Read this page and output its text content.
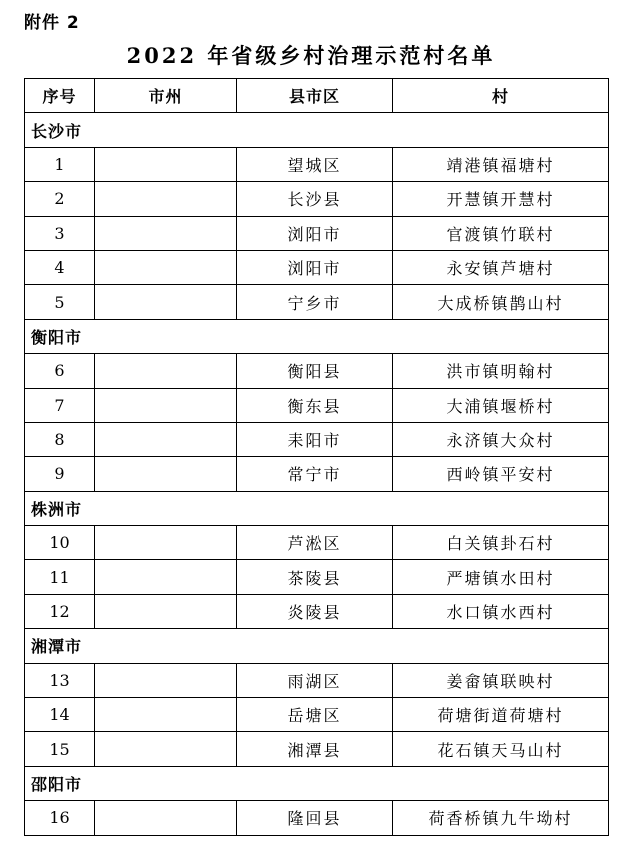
附件 2
2022 年省级乡村治理示范村名单
序号	市州	县市区	村
长沙市			
1		望城区	靖港镇福塘村
2		长沙县	开慧镇开慧村
3		浏阳市	官渡镇竹联村
4		浏阳市	永安镇芦塘村
5		宁乡市	大成桥镇鹊山村
衡阳市			
6		衡阳县	洪市镇明翰村
7		衡东县	大浦镇堰桥村
8		耒阳市	永济镇大众村
9		常宁市	西岭镇平安村
株洲市			
10		芦淞区	白关镇卦石村
11		茶陵县	严塘镇水田村
12		炎陵县	水口镇水西村
湘潭市			
13		雨湖区	姜畲镇联映村
14		岳塘区	荷塘街道荷塘村
15		湘潭县	花石镇天马山村
邵阳市			
16		隆回县	荷香桥镇九牛坳村
